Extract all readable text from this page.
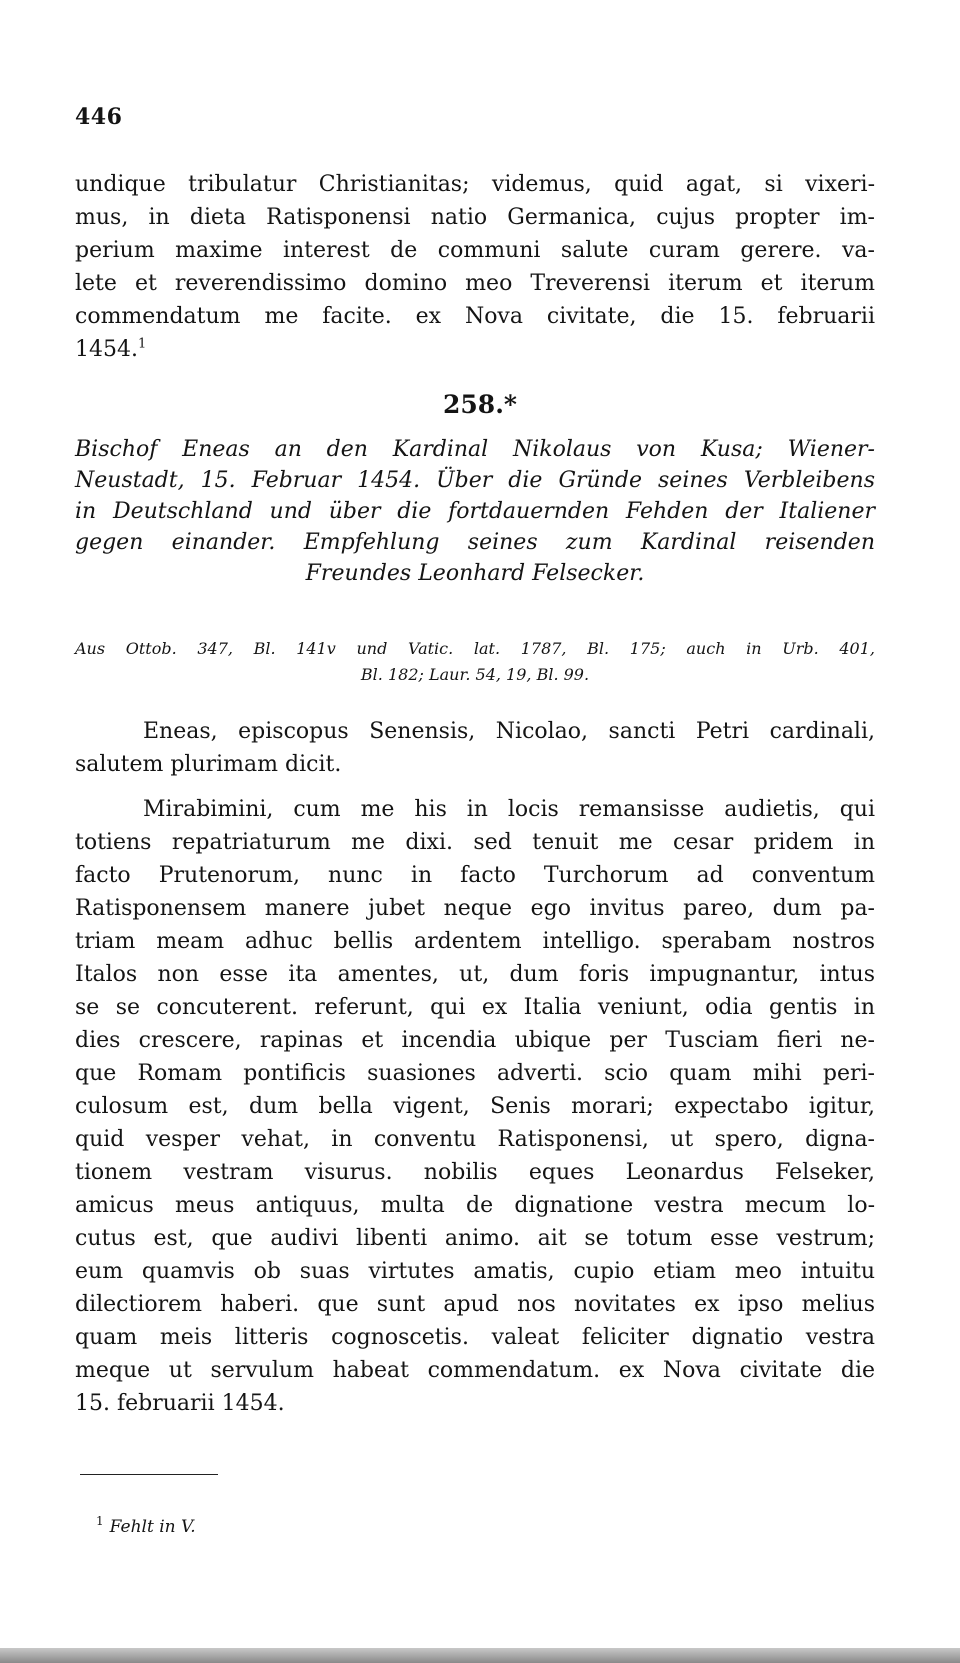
446
undique tribulatur Christianitas; videmus, quid agat, si vixeri-
mus, in dieta Ratisponensi natio Germanica, cujus propter im-
perium maxime interest de communi salute curam gerere. va-
lete et reverendissimo domino meo Treverensi iterum et iterum
commendatum me facite. ex Nova civitate, die 15. februarii
1454.$^1$
258.*
Bischof Eneas an den Kardinal Nikolaus von Kusa; Wiener-
Neustadt, 15. Februar 1454. Über die Gründe seines Verbleibens
in Deutschland und über die fortdauernden Fehden der Italiener
gegen einander. Empfehlung seines zum Kardinal reisenden
Freundes Leonhard Felsecker.
Aus Ottob. 347, Bl. 141v und Vatic. lat. 1787, Bl. 175; auch in Urb. 401,
Bl. 182; Laur. 54, 19, Bl. 99.
Eneas, episcopus Senensis, Nicolao, sancti Petri cardinali,
salutem plurimam dicit.
Mirabimini, cum me his in locis remansisse audietis, qui
totiens repatriaturum me dixi. sed tenuit me cesar pridem in
facto Prutenorum, nunc in facto Turchorum ad conventum
Ratisponensem manere jubet neque ego invitus pareo, dum pa-
triam meam adhuc bellis ardentem intelligo. sperabam nostros
Italos non esse ita amentes, ut, dum foris impugnantur, intus
se se concuterent. referunt, qui ex Italia veniunt, odia gentis in
dies crescere, rapinas et incendia ubique per Tusciam fieri ne-
que Romam pontificis suasiones adverti. scio quam mihi peri-
culosum est, dum bella vigent, Senis morari; expectabo igitur,
quid vesper vehat, in conventu Ratisponensi, ut spero, digna-
tionem vestram visurus. nobilis eques Leonardus Felseker,
amicus meus antiquus, multa de dignatione vestra mecum lo-
cutus est, que audivi libenti animo. ait se totum esse vestrum;
eum quamvis ob suas virtutes amatis, cupio etiam meo intuitu
dilectiorem haberi. que sunt apud nos novitates ex ipso melius
quam meis litteris cognoscetis. valeat feliciter dignatio vestra
meque ut servulum habeat commendatum. ex Nova civitate die
15. februarii 1454.
$^1$ Fehlt in V.
